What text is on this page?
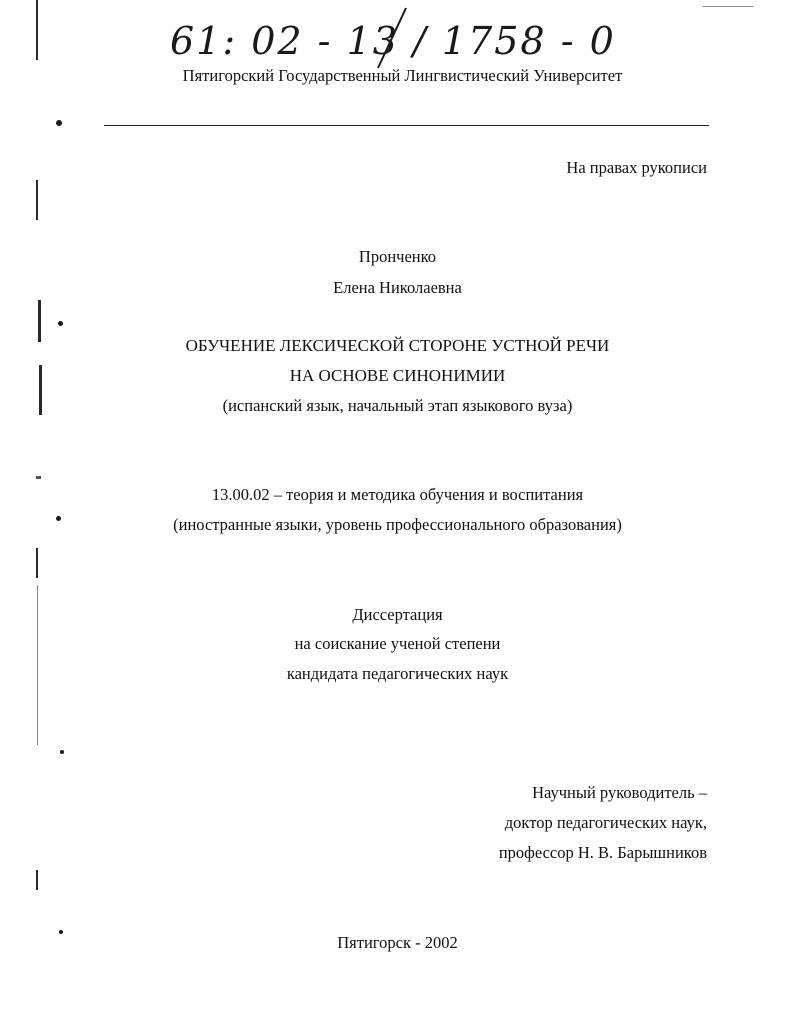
61: 02 - 13 / 1758 - 0
Пятигорский Государственный Лингвистический Университет
На правах рукописи
Пронченко
Елена Николаевна
ОБУЧЕНИЕ ЛЕКСИЧЕСКОЙ СТОРОНЕ УСТНОЙ РЕЧИ
НА ОСНОВЕ СИНОНИМИИ
(испанский язык, начальный этап языкового вуза)
13.00.02 – теория и методика обучения и воспитания
(иностранные языки, уровень профессионального образования)
Диссертация
на соискание ученой степени
кандидата педагогических наук
Научный руководитель –
доктор педагогических наук,
профессор Н. В. Барышников
Пятигорск - 2002
